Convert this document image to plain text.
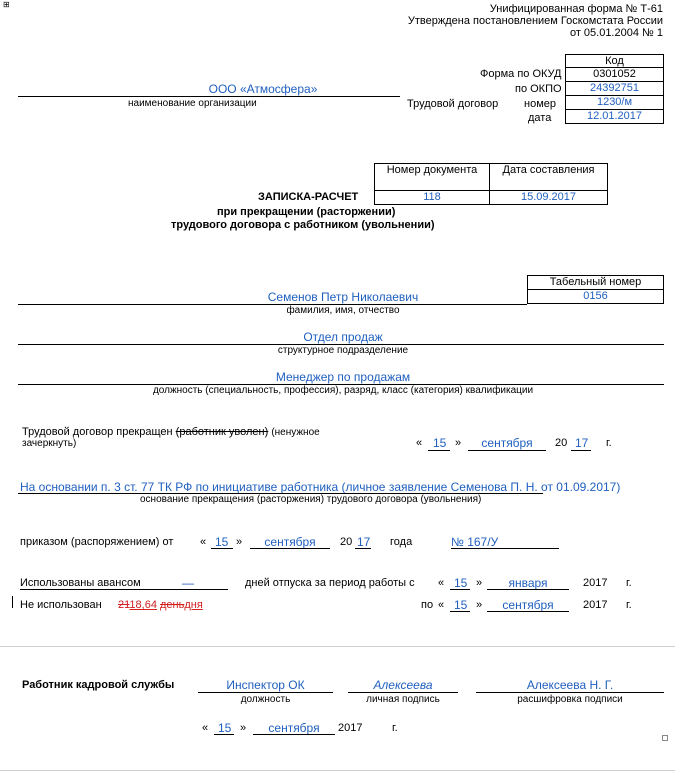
⊞	Унифицированная форма № Т-61
Утверждена постановлением Госкомстата России
от 05.01.2004 № 1
Код
Форма по ОКУД	0301052
по ОКПО	24392751
Трудовой договор номер	1230/м
дата	12.01.2017
ООО «Атмосфера»
наименование организации
Номер документа	Дата составления
118	15.09.2017
ЗАПИСКА-РАСЧЕТ
при прекращении (расторжении)
трудового договора с работником (увольнении)
Табельный номер
0156
Семенов Петр Николаевич
фамилия, имя, отчество
Отдел продаж
структурное подразделение
Менеджер по продажам
должность (специальность, профессия), разряд, класс (категория) квалификации
Трудовой договор прекращен (работник уволен) (ненужное
зачеркнуть)	« 15 »	сентября	20 17 г.
На основании п. 3 ст. 77 ТК РФ по инициативе работника (личное заявление Семенова П. Н. от 01.09.2017)
основание прекращения (расторжения) трудового договора (увольнения)
приказом (распоряжением) от « 15 »	сентября	20 17 года	№ 167/У
Использованы авансом	—	дней отпуска за период работы с « 15 »	января	2017 г.
Не использован 2118,64 деньдня	по « 15 »	сентября	2017 г.
Работник кадровой службы	Инспектор ОК
должность
Алексеева
личная подпись
Алексеева Н. Г.
расшифровка подписи
« 15 »	сентября	2017	г.
